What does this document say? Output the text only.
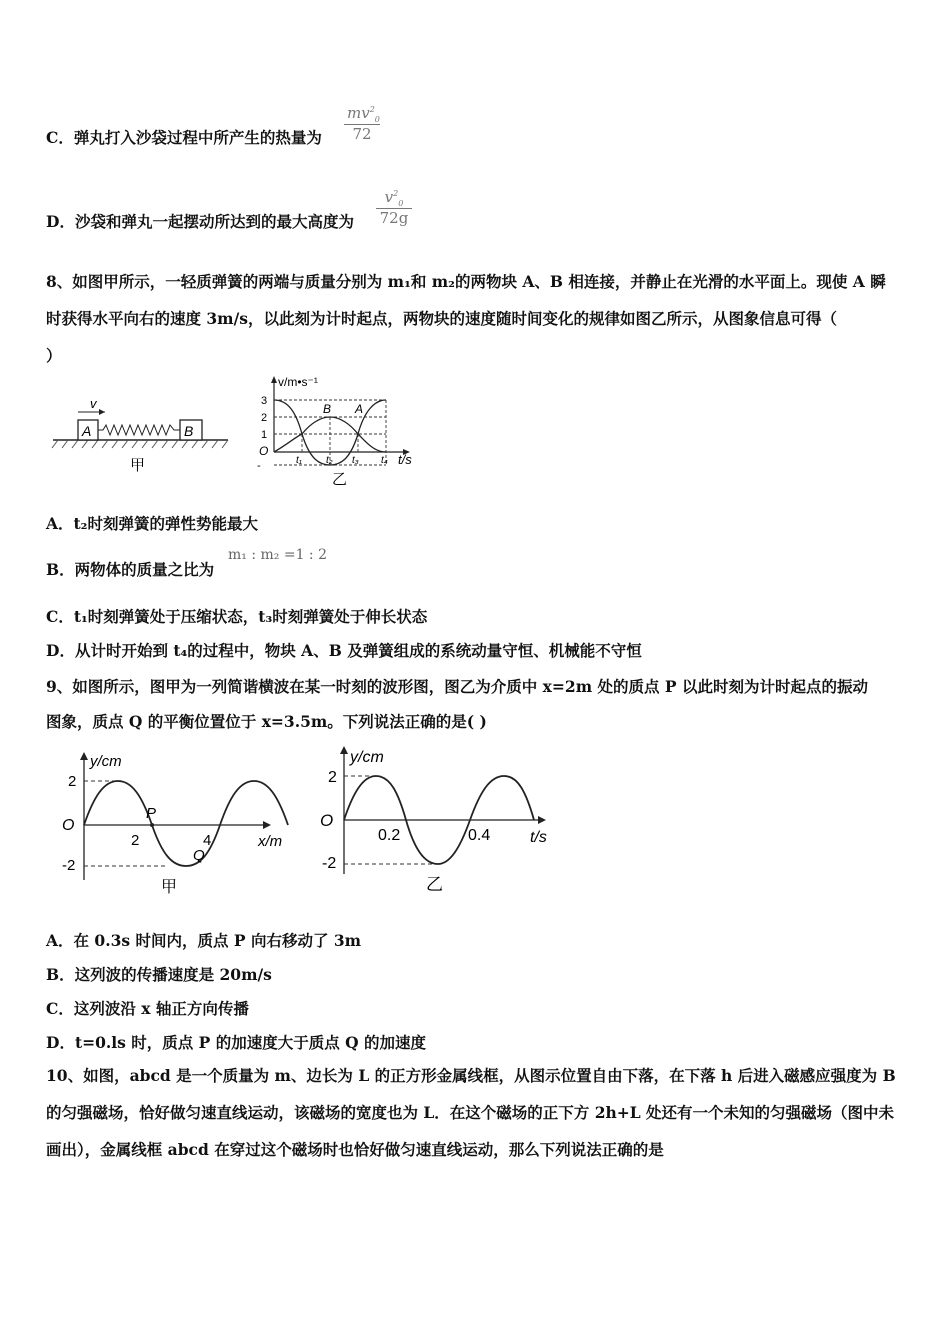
C．弹丸打入沙袋过程中所产生的热量为
$mv^2_0$
72
D．沙袋和弹丸一起摆动所达到的最大高度为
$v^2_0$
72g
8、如图甲所示，一轻质弹簧的两端与质量分别为 m₁和 m₂的两物块 A、B 相连接，并静止在光滑的水平面上。现使 A 瞬
时获得水平向右的速度 3m/s，以此刻为计时起点，两物块的速度随时间变化的规律如图乙所示，从图象信息可得（
）
A	B
v
甲
v/m•s⁻¹
t/s
3
2
1
O
-	t₁ t₂ t₃ t₄
B A
乙
A．t₂时刻弹簧的弹性势能最大
B．两物体的质量之比为
m₁ : m₂ =1 : 2
C．t₁时刻弹簧处于压缩状态，t₃时刻弹簧处于伸长状态
D．从计时开始到 t₄的过程中，物块 A、B 及弹簧组成的系统动量守恒、机械能不守恒
9、如图所示，图甲为一列简谐横波在某一时刻的波形图，图乙为介质中 x=2m 处的质点 P 以此时刻为计时起点的振动
图象，质点 Q 的平衡位置位于 x=3.5m。下列说法正确的是( )
y/cm
x/m
2
-2
O
2	4
P
Q
甲
y/cm
t/s
2
-2
O
0.2	0.4
乙
A．在 0.3s 时间内，质点 P 向右移动了 3m
B．这列波的传播速度是 20m/s
C．这列波沿 x 轴正方向传播
D．t=0.ls 时，质点 P 的加速度大于质点 Q 的加速度
10、如图，abcd 是一个质量为 m、边长为 L 的正方形金属线框，从图示位置自由下落，在下落 h 后进入磁感应强度为 B 的匀强磁场，恰好做匀速直线运动，该磁场的宽度也为 L．在这个磁场的正下方 2h+L 处还有一个未知的匀强磁场（图中未画出），金属线框 abcd 在穿过这个磁场时也恰好做匀速直线运动，那么下列说法正确的是
